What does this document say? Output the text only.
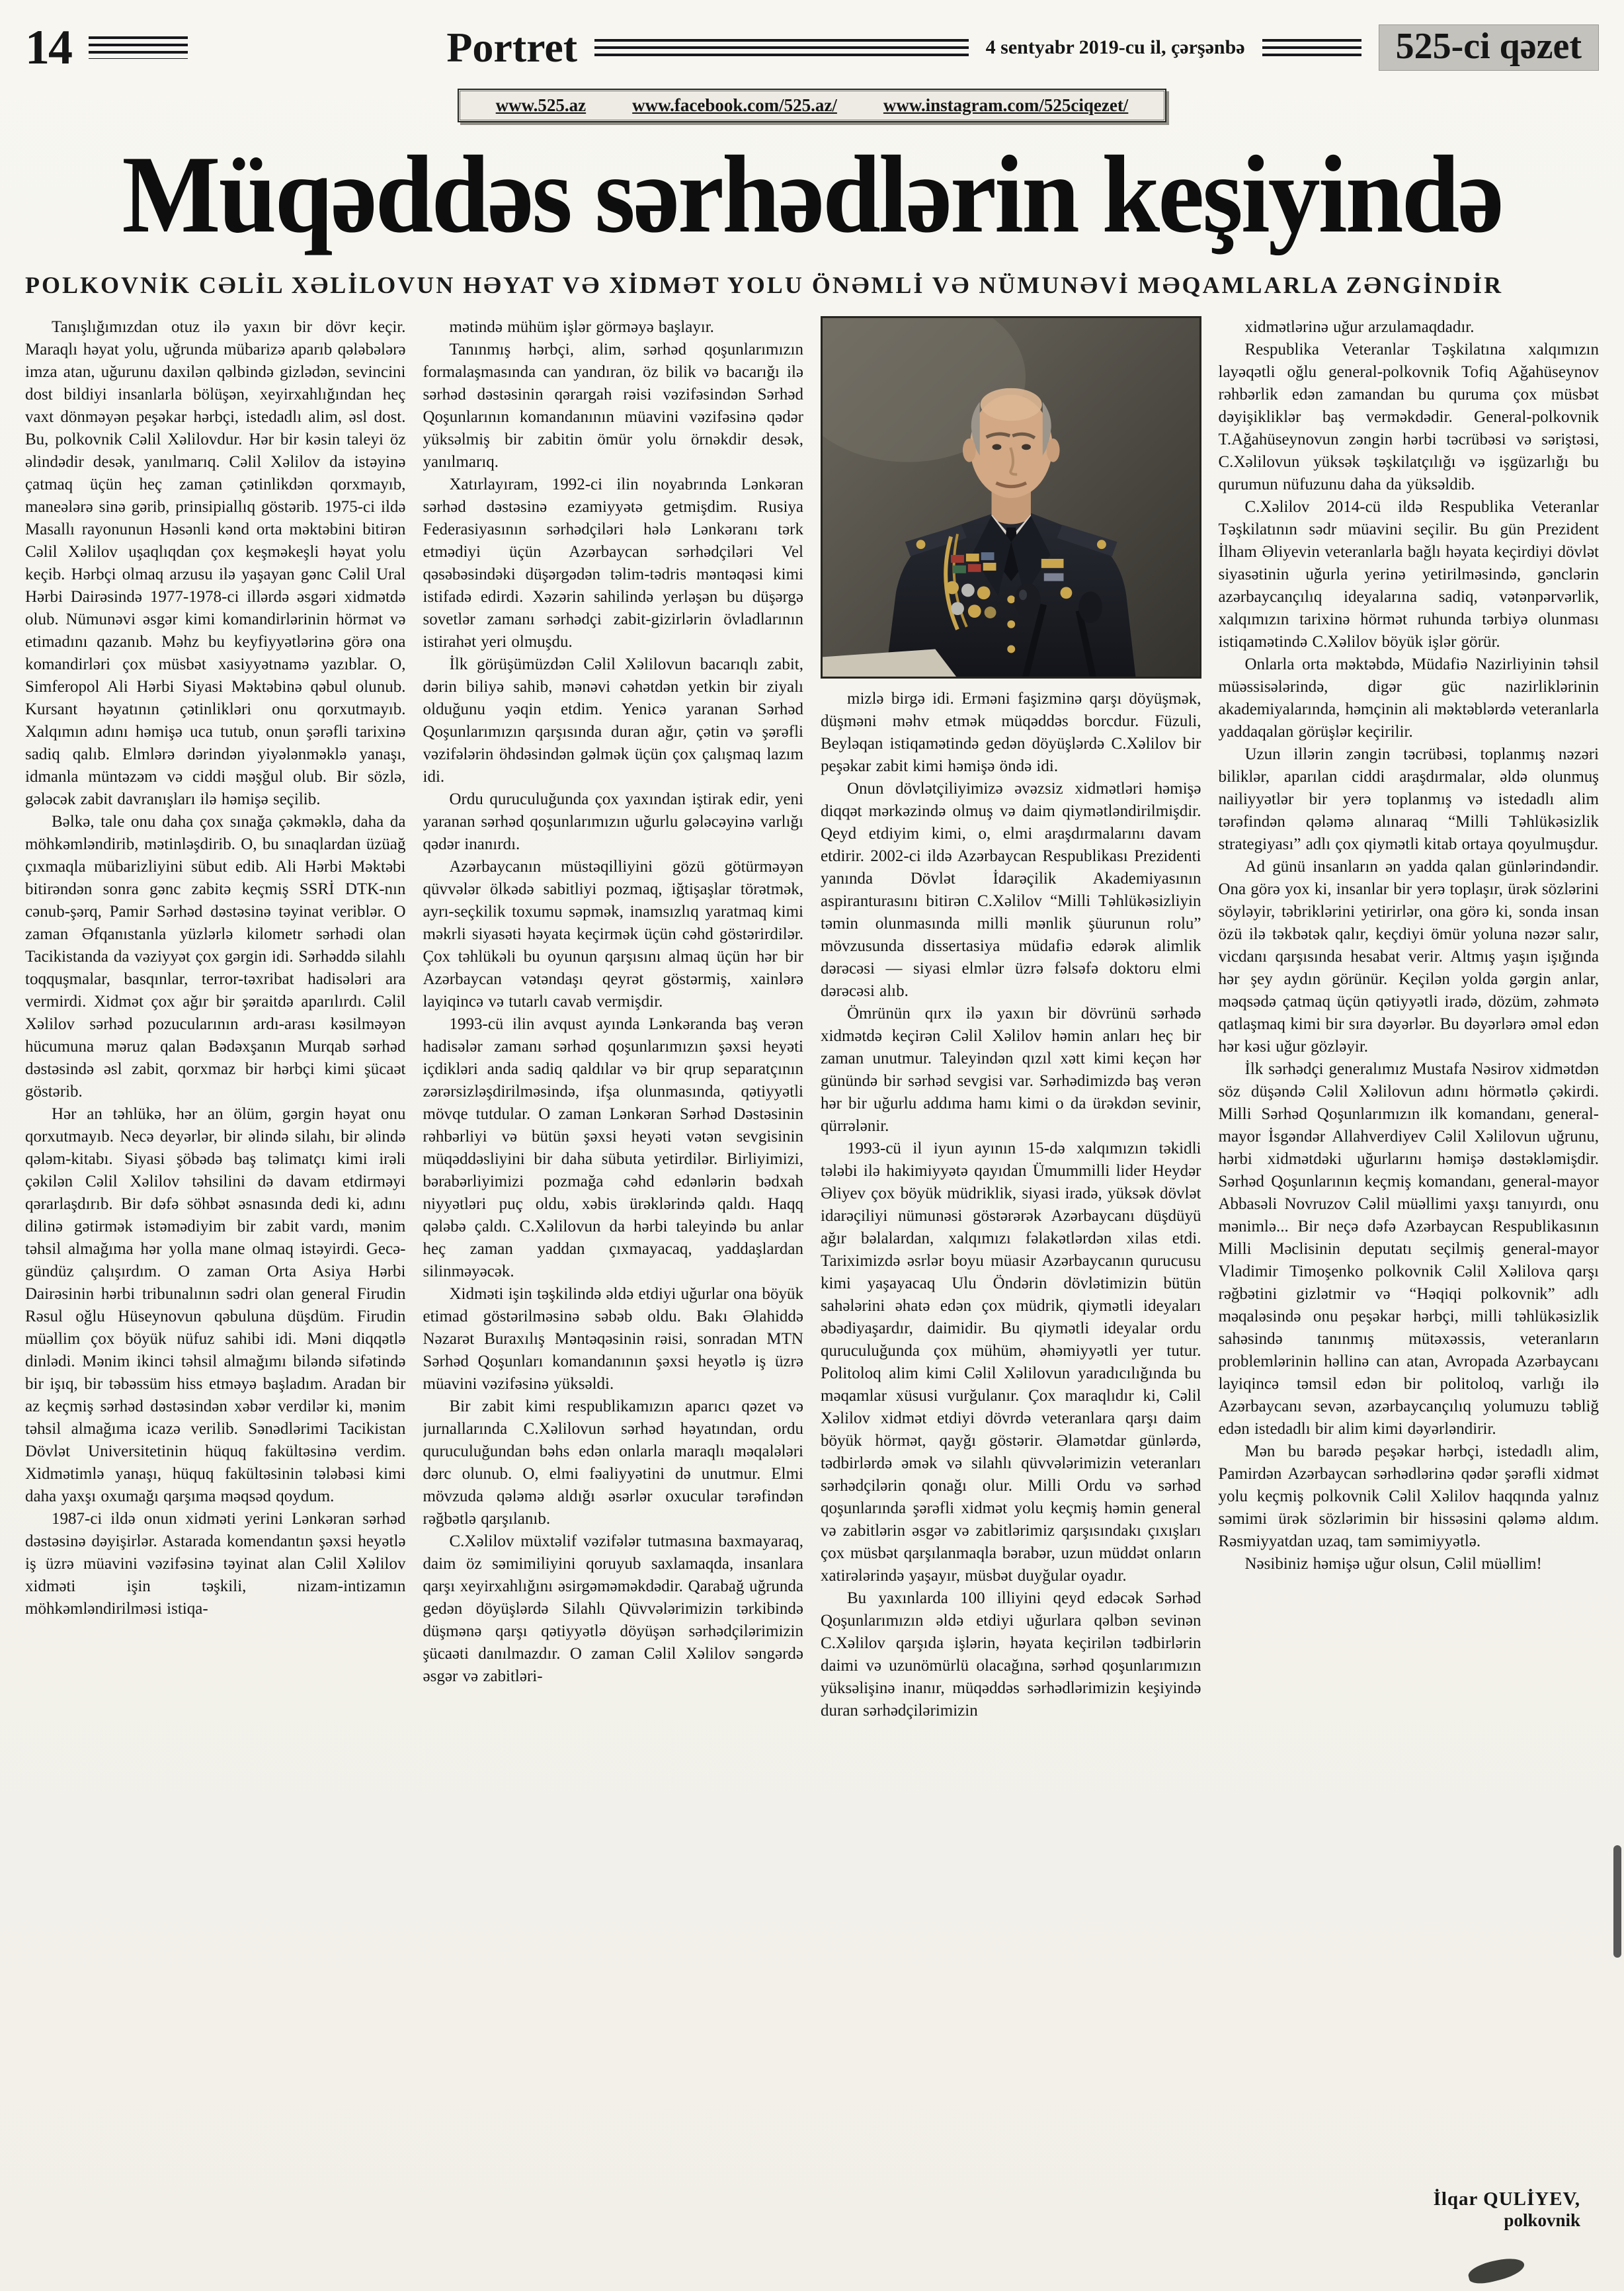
14	Portret	4 sentyabr 2019-cu il, çərşənbə	525-ci qəzet
www.525.az	www.facebook.com/525.az/	www.instagram.com/525ciqezet/
Müqəddəs sərhədlərin keşiyində
POLKOVNİK CƏLİL XƏLİLOVUN HƏYAT VƏ XİDMƏT YOLU ÖNƏMLİ VƏ NÜMUNƏVİ MƏQAMLARLA ZƏNGİNDİR

Tanışlığımızdan otuz ilə yaxın bir dövr keçir. Maraqlı həyat yolu, uğrunda mübarizə aparıb qələbələrə imza atan, uğurunu daxilən qəlbində gizlədən, sevincini dost bildiyi insanlarla bölüşən, xeyirxahlığından heç vaxt dönməyən peşəkar hərbçi, istedadlı alim, əsl dost. Bu, polkovnik Cəlil Xəlilovdur. Hər bir kəsin taleyi öz əlindədir desək, yanılmarıq. Cəlil Xəlilov da istəyinə çatmaq üçün heç zaman çətinlikdən qorxmayıb, maneələrə sinə gərib, prinsipiallıq göstərib. 1975-ci ildə Masallı rayonunun Həsənli kənd orta məktəbini bitirən Cəlil Xəlilov uşaqlıqdan çox keşməkeşli həyat yolu keçib. Hərbçi olmaq arzusu ilə yaşayan gənc Cəlil Ural Hərbi Dairəsində 1977-1978-ci illərdə əsgəri xidmətdə olub. Nümunəvi əsgər kimi komandirlərinin hörmət və etimadını qazanıb. Məhz bu keyfiyyətlərinə görə ona komandirləri çox müsbət xasiyyətnamə yazıblar. O, Simferopol Ali Hərbi Siyasi Məktəbinə qəbul olunub. Kursant həyatının çətinlikləri onu qorxutmayıb. Xalqımın adını həmişə uca tutub, onun şərəfli tarixinə sadiq qalıb. Elmlərə dərindən yiyələnməklə yanaşı, idmanla müntəzəm və ciddi məşğul olub. Bir sözlə, gələcək zabit davranışları ilə həmişə seçilib.

Bəlkə, tale onu daha çox sınağa çəkməklə, daha da möhkəmləndirib, mətinləşdirib. O, bu sınaqlardan üzüağ çıxmaqla mübarizliyini sübut edib. Ali Hərbi Məktəbi bitirəndən sonra gənc zabitə keçmiş SSRİ DTK-nın cənub-şərq, Pamir Sərhəd dəstəsinə təyinat veriblər. O zaman Əfqanıstanla yüzlərlə kilometr sərhədi olan Tacikistanda da vəziyyət çox gərgin idi. Sərhəddə silahlı toqquşmalar, basqınlar, terror-təxribat hadisələri ara vermirdi. Xidmət çox ağır bir şəraitdə aparılırdı. Cəlil Xəlilov sərhəd pozucularının ardı-arası kəsilməyən hücumuna məruz qalan Bədəxşanın Murqab sərhəd dəstəsində əsl zabit, qorxmaz bir hərbçi kimi şücaət göstərib.

Hər an təhlükə, hər an ölüm, gərgin həyat onu qorxutmayıb. Necə deyərlər, bir əlində silahı, bir əlində qələm-kitabı. Siyasi şöbədə baş təlimatçı kimi irəli çəkilən Cəlil Xəlilov təhsilini də davam etdirməyi qərarlaşdırıb. Bir dəfə söhbət əsnasında dedi ki, adını dilinə gətirmək istəmədiyim bir zabit vardı, mənim təhsil almağıma hər yolla mane olmaq istəyirdi. Gecə-gündüz çalışırdım. O zaman Orta Asiya Hərbi Dairəsinin hərbi tribunalının sədri olan general Firudin Rəsul oğlu Hüseynovun qəbuluna düşdüm. Firudin müəllim çox böyük nüfuz sahibi idi. Məni diqqətlə dinlədi. Mənim ikinci təhsil almağımı biləndə sifətində bir işıq, bir təbəssüm hiss etməyə başladım. Aradan bir az keçmiş sərhəd dəstəsindən xəbər verdilər ki, mənim təhsil almağıma icazə verilib. Sənədlərimi Tacikistan Dövlət Universitetinin hüquq fakültəsinə verdim. Xidmətimlə yanaşı, hüquq fakültəsinin tələbəsi kimi daha yaxşı oxumağı qarşıma məqsəd qoydum.

1987-ci ildə onun xidməti yerini Lənkəran sərhəd dəstəsinə dəyişirlər. Astarada komendantın şəxsi heyətlə iş üzrə müavini vəzifəsinə təyinat alan Cəlil Xəlilov xidməti işin təşkili, nizam-intizamın möhkəmləndirilməsi istiqa-

mətində mühüm işlər görməyə başlayır.

Tanınmış hərbçi, alim, sərhəd qoşunlarımızın formalaşmasında can yandıran, öz bilik və bacarığı ilə sərhəd dəstəsinin qərargah rəisi vəzifəsindən Sərhəd Qoşunlarının komandanının müavini vəzifəsinə qədər yüksəlmiş bir zabitin ömür yolu örnəkdir desək, yanılmarıq.

Xatırlayıram, 1992-ci ilin noyabrında Lənkəran sərhəd dəstəsinə ezamiyyətə getmişdim. Rusiya Federasiyasının sərhədçiləri hələ Lənkəranı tərk etmədiyi üçün Azərbaycan sərhədçiləri Vel qəsəbəsindəki düşərgədən təlim-tədris məntəqəsi kimi istifadə edirdi. Xəzərin sahilində yerləşən bu düşərgə sovetlər zamanı sərhədçi zabit-gizirlərin övladlarının istirahət yeri olmuşdu.

İlk görüşümüzdən Cəlil Xəlilovun bacarıqlı zabit, dərin biliyə sahib, mənəvi cəhətdən yetkin bir ziyalı olduğunu yəqin etdim. Yenicə yaranan Sərhəd Qoşunlarımızın qarşısında duran ağır, çətin və şərəfli vəzifələrin öhdəsindən gəlmək üçün çox çalışmaq lazım idi.

Ordu quruculuğunda çox yaxından iştirak edir, yeni yaranan sərhəd qoşunlarımızın uğurlu gələcəyinə varlığı qədər inanırdı.

Azərbaycanın müstəqilliyini gözü götürməyən qüvvələr ölkədə sabitliyi pozmaq, iğtişaşlar törətmək, ayrı-seçkilik toxumu səpmək, inamsızlıq yaratmaq kimi məkrli siyasəti həyata keçirmək üçün cəhd göstərirdilər. Çox təhlükəli bu oyunun qarşısını almaq üçün hər bir Azərbaycan vətəndaşı qeyrət göstərmiş, xainlərə layiqincə və tutarlı cavab vermişdir.

1993-cü ilin avqust ayında Lənkəranda baş verən hadisələr zamanı sərhəd qoşunlarımızın şəxsi heyəti içdikləri anda sadiq qaldılar və bir qrup separatçının zərərsizləşdirilməsində, ifşa olunmasında, qətiyyətli mövqe tutdular. O zaman Lənkəran Sərhəd Dəstəsinin rəhbərliyi və bütün şəxsi heyəti vətən sevgisinin müqəddəsliyini bir daha sübuta yetirdilər. Birliyimizi, bərabərliyimizi pozmağa cəhd edənlərin bədxah niyyətləri puç oldu, xəbis ürəklərində qaldı. Haqq qələbə çaldı. C.Xəlilovun da hərbi taleyində bu anlar heç zaman yaddan çıxmayacaq, yaddaşlardan silinməyəcək.

Xidməti işin təşkilində əldə etdiyi uğurlar ona böyük etimad göstərilməsinə səbəb oldu. Bakı Əlahiddə Nəzarət Buraxılış Məntəqəsinin rəisi, sonradan MTN Sərhəd Qoşunları komandanının şəxsi heyətlə iş üzrə müavini vəzifəsinə yüksəldi.

Bir zabit kimi respublikamızın aparıcı qəzet və jurnallarında C.Xəlilovun sərhəd həyatından, ordu quruculuğundan bəhs edən onlarla maraqlı məqalələri dərc olunub. O, elmi fəaliyyətini də unutmur. Elmi mövzuda qələmə aldığı əsərlər oxucular tərəfindən rəğbətlə qarşılanıb.

C.Xəlilov müxtəlif vəzifələr tutmasına baxmayaraq, daim öz səmimiliyini qoruyub saxlamaqda, insanlara qarşı xeyirxahlığını əsirgəməməkdədir. Qarabağ uğrunda gedən döyüşlərdə Silahlı Qüvvələrimizin tərkibində düşmənə qarşı qətiyyətlə döyüşən sərhədçilərimizin şücaəti danılmazdır. O zaman Cəlil Xəlilov səngərdə əsgər və zabitləri-

mizlə birgə idi. Erməni faşizminə qarşı döyüşmək, düşməni məhv etmək müqəddəs borcdur. Füzuli, Beyləqan istiqamətində gedən döyüşlərdə C.Xəlilov bir peşəkar zabit kimi həmişə öndə idi.

Onun dövlətçiliyimizə əvəzsiz xidmətləri həmişə diqqət mərkəzində olmuş və daim qiymətləndirilmişdir. Qeyd etdiyim kimi, o, elmi araşdırmalarını davam etdirir. 2002-ci ildə Azərbaycan Respublikası Prezidenti yanında Dövlət İdarəçilik Akademiyasının aspiranturasını bitirən C.Xəlilov “Milli Təhlükəsizliyin təmin olunmasında milli mənlik şüurunun rolu” mövzusunda dissertasiya müdafiə edərək alimlik dərəcəsi — siyasi elmlər üzrə fəlsəfə doktoru elmi dərəcəsi alıb.

Ömrünün qırx ilə yaxın bir dövrünü sərhədə xidmətdə keçirən Cəlil Xəlilov həmin anları heç bir zaman unutmur. Taleyindən qızıl xətt kimi keçən hər günündə bir sərhəd sevgisi var. Sərhədimizdə baş verən hər bir uğurlu addıma hamı kimi o da ürəkdən sevinir, qürrələnir.

1993-cü il iyun ayının 15-də xalqımızın təkidli tələbi ilə hakimiyyətə qayıdan Ümummilli lider Heydər Əliyev çox böyük müdriklik, siyasi iradə, yüksək dövlət idarəçiliyi nümunəsi göstərərək Azərbaycanı düşdüyü ağır bəlalardan, xalqımızı fəlakətlərdən xilas etdi. Tariximizdə əsrlər boyu müasir Azərbaycanın qurucusu kimi yaşayacaq Ulu Öndərin dövlətimizin bütün sahələrini əhatə edən çox müdrik, qiymətli ideyaları əbədiyaşardır, daimidir. Bu qiymətli ideyalar ordu quruculuğunda çox mühüm, əhəmiyyətli yer tutur. Politoloq alim kimi Cəlil Xəlilovun yaradıcılığında bu məqamlar xüsusi vurğulanır. Çox maraqlıdır ki, Cəlil Xəlilov xidmət etdiyi dövrdə veteranlara qarşı daim böyük hörmət, qayğı göstərir. Əlamətdar günlərdə, tədbirlərdə əmək və silahlı qüvvələrimizin veteranları sərhədçilərin qonağı olur. Milli Ordu və sərhəd qoşunlarında şərəfli xidmət yolu keçmiş həmin general və zabitlərin əsgər və zabitlərimiz qarşısındakı çıxışları çox müsbət qarşılanmaqla bərabər, uzun müddət onların xatirələrində yaşayır, müsbət duyğular oyadır.

Bu yaxınlarda 100 illiyini qeyd edəcək Sərhəd Qoşunlarımızın əldə etdiyi uğurlara qəlbən sevinən C.Xəlilov qarşıda işlərin, həyata keçirilən tədbirlərin daimi və uzunömürlü olacağına, sərhəd qoşunlarımızın yüksəlişinə inanır, müqəddəs sərhədlərimizin keşiyində duran sərhədçilərimizin

xidmətlərinə uğur arzulamaqdadır.

Respublika Veteranlar Təşkilatına xalqımızın layəqətli oğlu general-polkovnik Tofiq Ağahüseynov rəhbərlik edən zamandan bu quruma çox müsbət dəyişikliklər baş verməkdədir. General-polkovnik T.Ağahüseynovun zəngin hərbi təcrübəsi və səriştəsi, C.Xəlilovun yüksək təşkilatçılığı və işgüzarlığı bu qurumun nüfuzunu daha da yüksəldib.

C.Xəlilov 2014-cü ildə Respublika Veteranlar Təşkilatının sədr müavini seçilir. Bu gün Prezident İlham Əliyevin veteranlarla bağlı həyata keçirdiyi dövlət siyasətinin uğurla yerinə yetirilməsində, gənclərin azərbaycançılıq ideyalarına sadiq, vətənpərvərlik, xalqımızın tarixinə hörmət ruhunda tərbiyə olunması istiqamətində C.Xəlilov böyük işlər görür.

Onlarla orta məktəbdə, Müdafiə Nazirliyinin təhsil müəssisələrində, digər güc nazirliklərinin akademiyalarında, həmçinin ali məktəblərdə veteranlarla yaddaqalan görüşlər keçirilir.

Uzun illərin zəngin təcrübəsi, toplanmış nəzəri biliklər, aparılan ciddi araşdırmalar, əldə olunmuş nailiyyətlər bir yerə toplanmış və istedadlı alim tərəfindən qələmə alınaraq “Milli Təhlükəsizlik strategiyası” adlı çox qiymətli kitab ortaya qoyulmuşdur.

Ad günü insanların ən yadda qalan günlərindəndir. Ona görə yox ki, insanlar bir yerə toplaşır, ürək sözlərini söyləyir, təbriklərini yetirirlər, ona görə ki, sonda insan özü ilə təkbətək qalır, keçdiyi ömür yoluna nəzər salır, vicdanı qarşısında hesabat verir. Altmış yaşın işığında hər şey aydın görünür. Keçilən yolda gərgin anlar, məqsədə çatmaq üçün qətiyyətli iradə, dözüm, zəhmətə qatlaşmaq kimi bir sıra dəyərlər. Bu dəyərlərə əməl edən hər kəsi uğur gözləyir.

İlk sərhədçi generalımız Mustafa Nəsirov xidmətdən söz düşəndə Cəlil Xəlilovun adını hörmətlə çəkirdi. Milli Sərhəd Qoşunlarımızın ilk komandanı, general-mayor İsgəndər Allahverdiyev Cəlil Xəlilovun uğrunu, hərbi xidmətdəki uğurlarını həmişə dəstəkləmişdir. Sərhəd Qoşunlarının keçmiş komandanı, general-mayor Abbasəli Novruzov Cəlil müəllimi yaxşı tanıyırdı, onu mənimlə... Bir neçə dəfə Azərbaycan Respublikasının Milli Məclisinin deputatı seçilmiş general-mayor Vladimir Timoşenko polkovnik Cəlil Xəlilova qarşı rəğbətini gizlətmir və “Həqiqi polkovnik” adlı məqaləsində onu peşəkar hərbçi, milli təhlükəsizlik sahəsində tanınmış mütəxəssis, veteranların problemlərinin həllinə can atan, Avropada Azərbaycanı layiqincə təmsil edən bir politoloq, varlığı ilə Azərbaycanı sevən, azərbaycançılıq yolumuzu təbliğ edən istedadlı bir alim kimi dəyərləndirir.

Mən bu barədə peşəkar hərbçi, istedadlı alim, Pamirdən Azərbaycan sərhədlərinə qədər şərəfli xidmət yolu keçmiş polkovnik Cəlil Xəlilov haqqında yalnız səmimi ürək sözlərimin bir hissəsini qələmə aldım. Rəsmiyyatdan uzaq, tam səmimiyyətlə.

Nəsibiniz həmişə uğur olsun, Cəlil müəllim!

İlqar QULİYEV,
polkovnik
